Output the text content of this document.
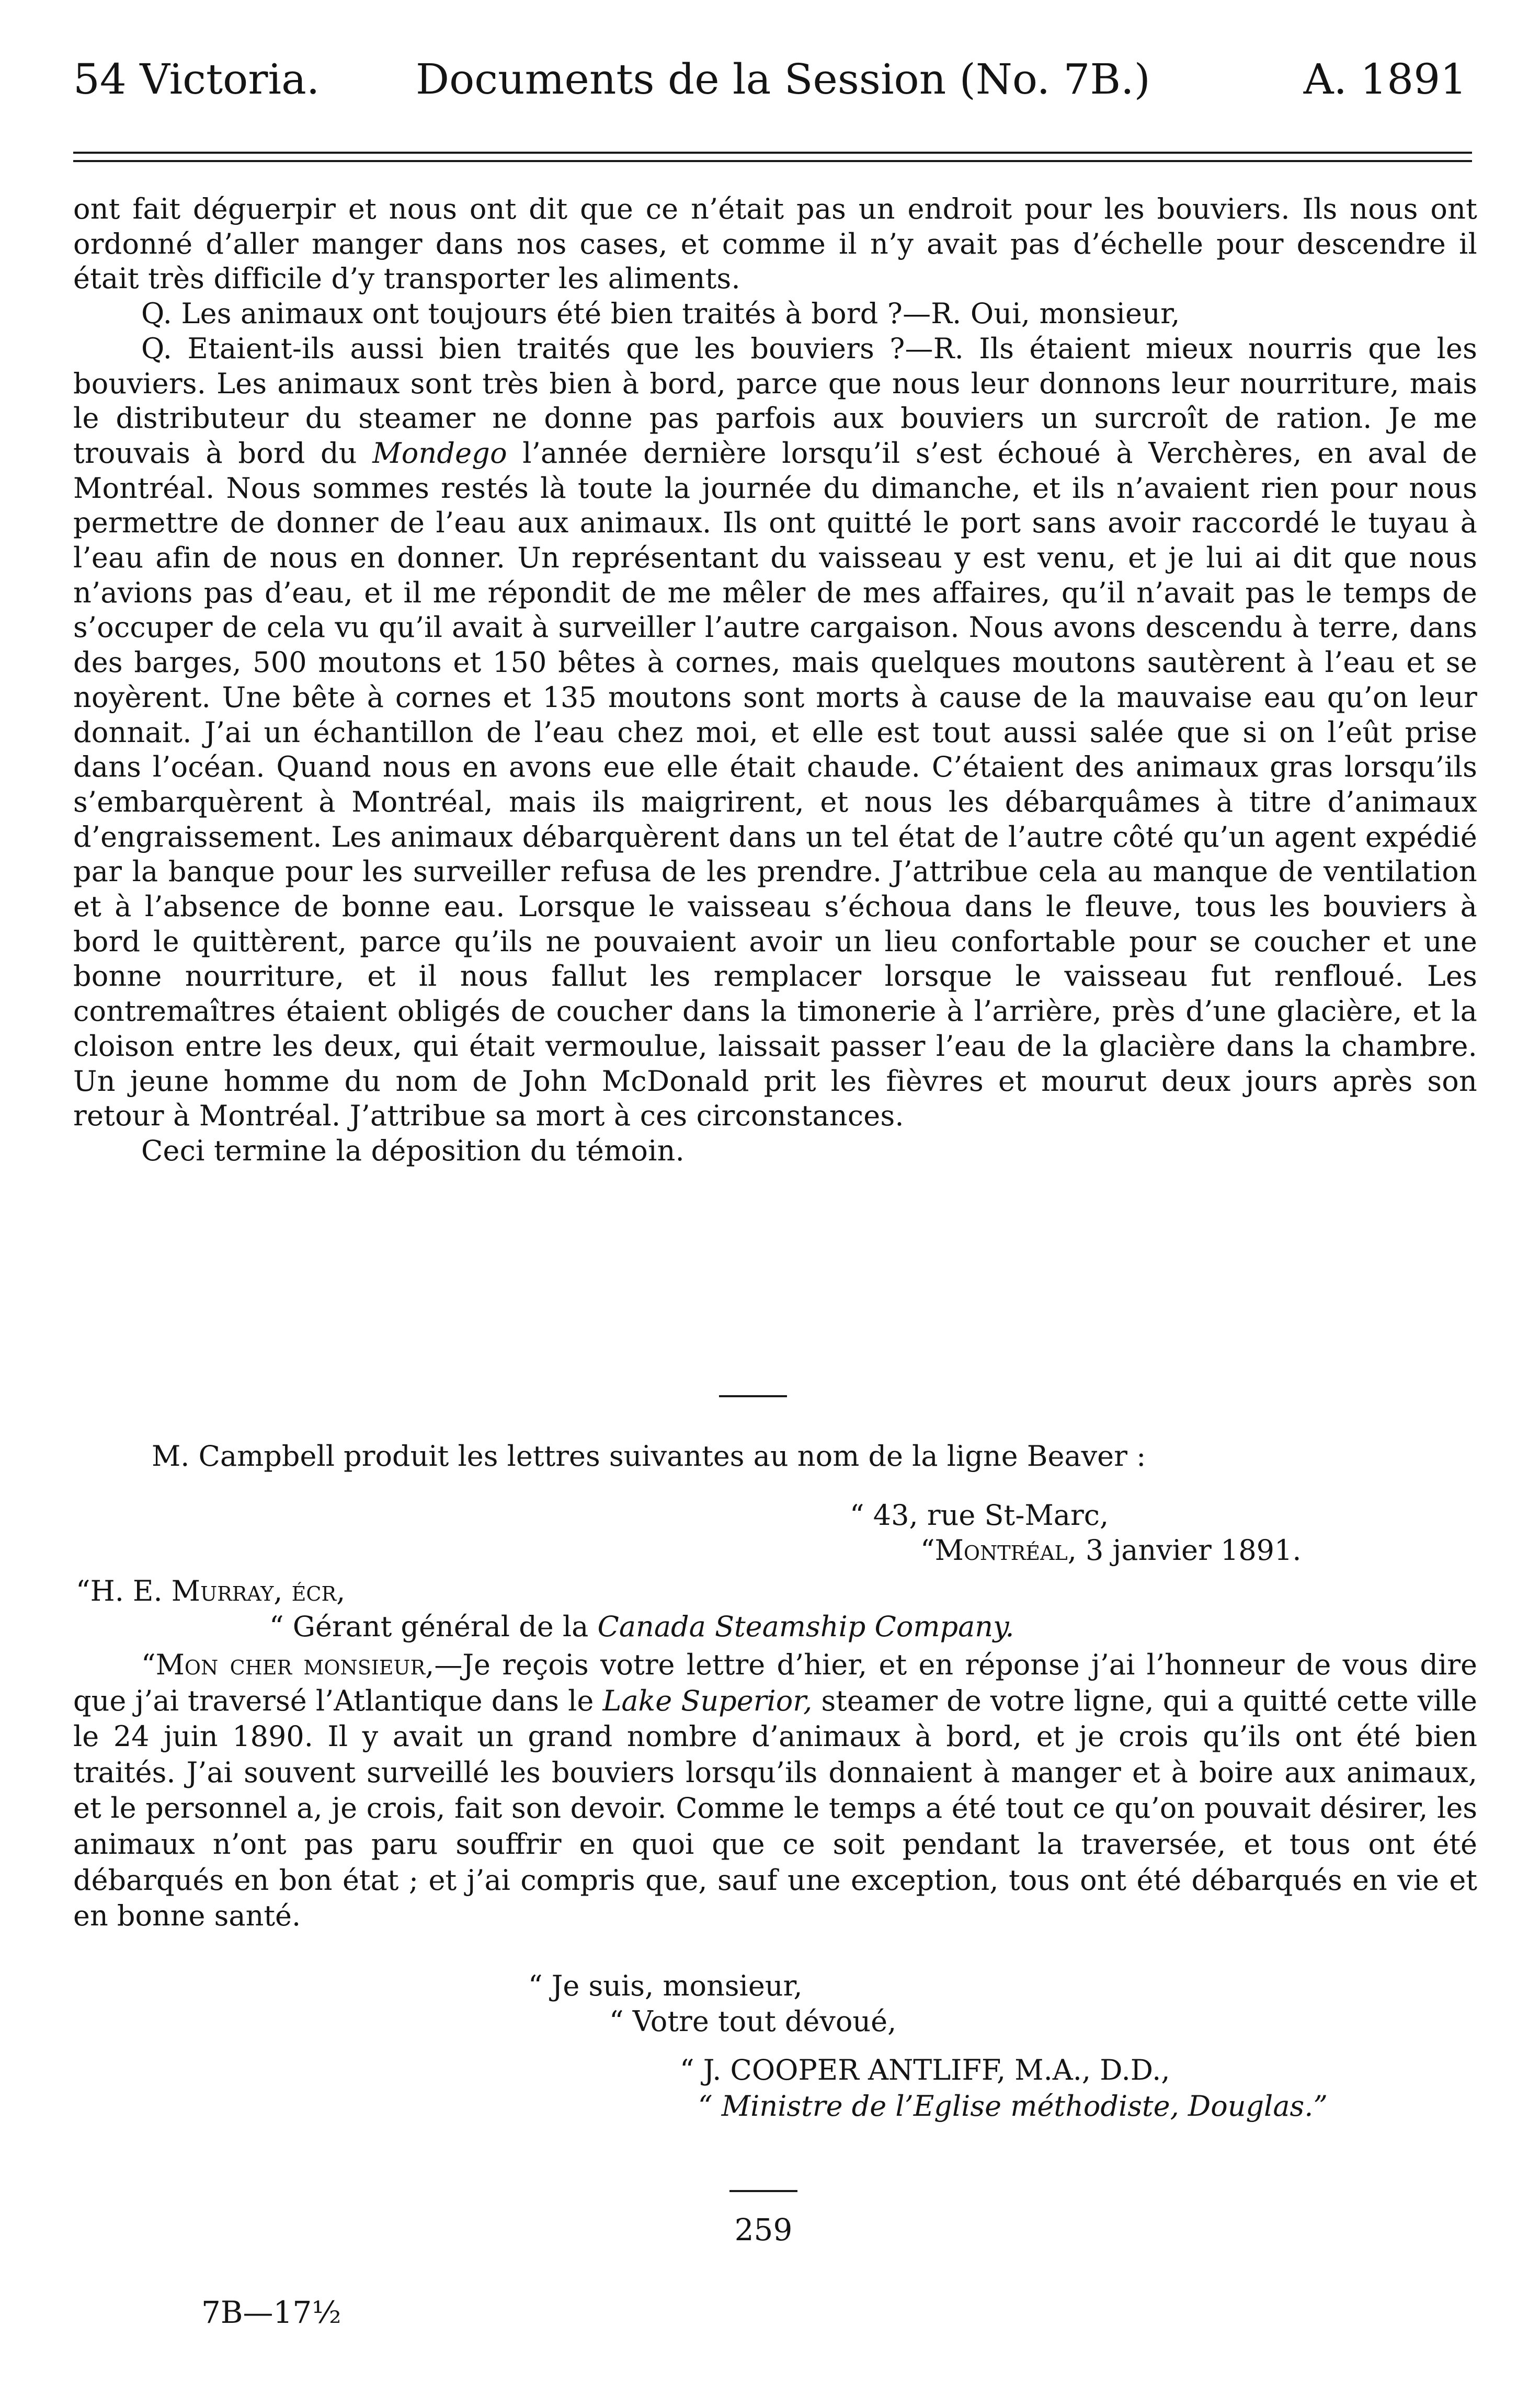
54 Victoria. Documents de la Session (No. 7B.)	A. 1891

ont fait déguerpir et nous ont dit que ce n’était pas un endroit pour les bouviers. Ils nous ont ordonné d’aller manger dans nos cases, et comme il n’y avait pas d’échelle pour descendre il était très difficile d’y transporter les aliments.

Q. Les animaux ont toujours été bien traités à bord ?—R. Oui, monsieur,

Q. Etaient-ils aussi bien traités que les bouviers ?—R. Ils étaient mieux nourris que les bouviers. Les animaux sont très bien à bord, parce que nous leur donnons leur nourriture, mais le distributeur du steamer ne donne pas parfois aux bouviers un surcroît de ration. Je me trouvais à bord du Mondego l’année dernière lorsqu’il s’est échoué à Verchères, en aval de Montréal. Nous sommes restés là toute la journée du dimanche, et ils n’avaient rien pour nous permettre de donner de l’eau aux animaux. Ils ont quitté le port sans avoir raccordé le tuyau à l’eau afin de nous en donner. Un représentant du vaisseau y est venu, et je lui ai dit que nous n’avions pas d’eau, et il me répondit de me mêler de mes affaires, qu’il n’avait pas le temps de s’occuper de cela vu qu’il avait à surveiller l’autre cargaison. Nous avons descendu à terre, dans des barges, 500 moutons et 150 bêtes à cornes, mais quelques moutons sautèrent à l’eau et se noyèrent. Une bête à cornes et 135 moutons sont morts à cause de la mauvaise eau qu’on leur donnait. J’ai un échantillon de l’eau chez moi, et elle est tout aussi salée que si on l’eût prise dans l’océan. Quand nous en avons eue elle était chaude. C’étaient des animaux gras lorsqu’ils s’embarquèrent à Montréal, mais ils maigrirent, et nous les débarquâmes à titre d’animaux d’engraissement. Les animaux débarquèrent dans un tel état de l’autre côté qu’un agent expédié par la banque pour les surveiller refusa de les prendre. J’attribue cela au manque de ventilation et à l’absence de bonne eau. Lorsque le vaisseau s’échoua dans le fleuve, tous les bouviers à bord le quittèrent, parce qu’ils ne pouvaient avoir un lieu confortable pour se coucher et une bonne nourriture, et il nous fallut les remplacer lorsque le vaisseau fut renfloué. Les contremaîtres étaient obligés de coucher dans la timonerie à l’arrière, près d’une glacière, et la cloison entre les deux, qui était vermoulue, laissait passer l’eau de la glacière dans la chambre. Un jeune homme du nom de John McDonald prit les fièvres et mourut deux jours après son retour à Montréal. J’attribue sa mort à ces circonstances.

Ceci termine la déposition du témoin.

M. Campbell produit les lettres suivantes au nom de la ligne Beaver :
“ 43, rue St-Marc,
“Montréal, 3 janvier 1891.
“H. E. Murray, écr,
“ Gérant général de la Canada Steamship Company.

“Mon cher monsieur,—Je reçois votre lettre d’hier, et en réponse j’ai l’honneur de vous dire que j’ai traversé l’Atlantique dans le Lake Superior, steamer de votre ligne, qui a quitté cette ville le 24 juin 1890. Il y avait un grand nombre d’animaux à bord, et je crois qu’ils ont été bien traités. J’ai souvent surveillé les bouviers lorsqu’ils donnaient à manger et à boire aux animaux, et le personnel a, je crois, fait son devoir. Comme le temps a été tout ce qu’on pouvait désirer, les animaux n’ont pas paru souffrir en quoi que ce soit pendant la traversée, et tous ont été débarqués en bon état ; et j’ai compris que, sauf une exception, tous ont été débarqués en vie et en bonne santé.

“ Je suis, monsieur,
“ Votre tout dévoué,
“ J. COOPER ANTLIFF, M.A., D.D.,
“ Ministre de l’Eglise méthodiste, Douglas.”
259
7B—17½
